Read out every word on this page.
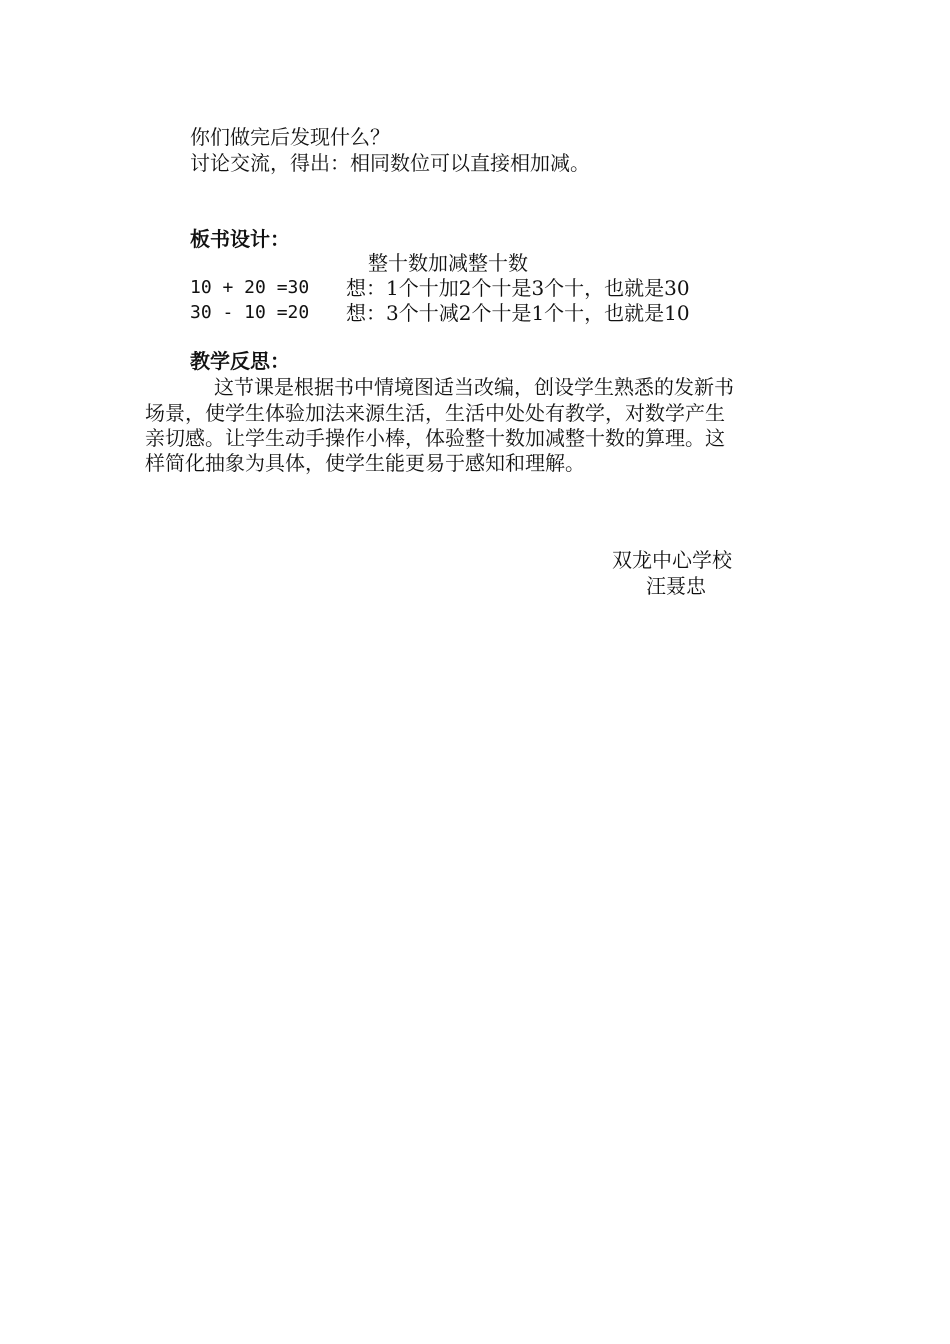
你们做完后发现什么？
讨论交流，得出：相同数位可以直接相加减。
板书设计：
整十数加减整十数
10 + 20 =30 想：1个十加2个十是3个十，也就是30
30 - 10 =20 想：3个十减2个十是1个十，也就是10
教学反思：
这节课是根据书中情境图适当改编，创设学生熟悉的发新书
场景，使学生体验加法来源生活，生活中处处有教学，对数学产生
亲切感。让学生动手操作小棒，体验整十数加减整十数的算理。这
样简化抽象为具体，使学生能更易于感知和理解。
双龙中心学校
汪聂忠
